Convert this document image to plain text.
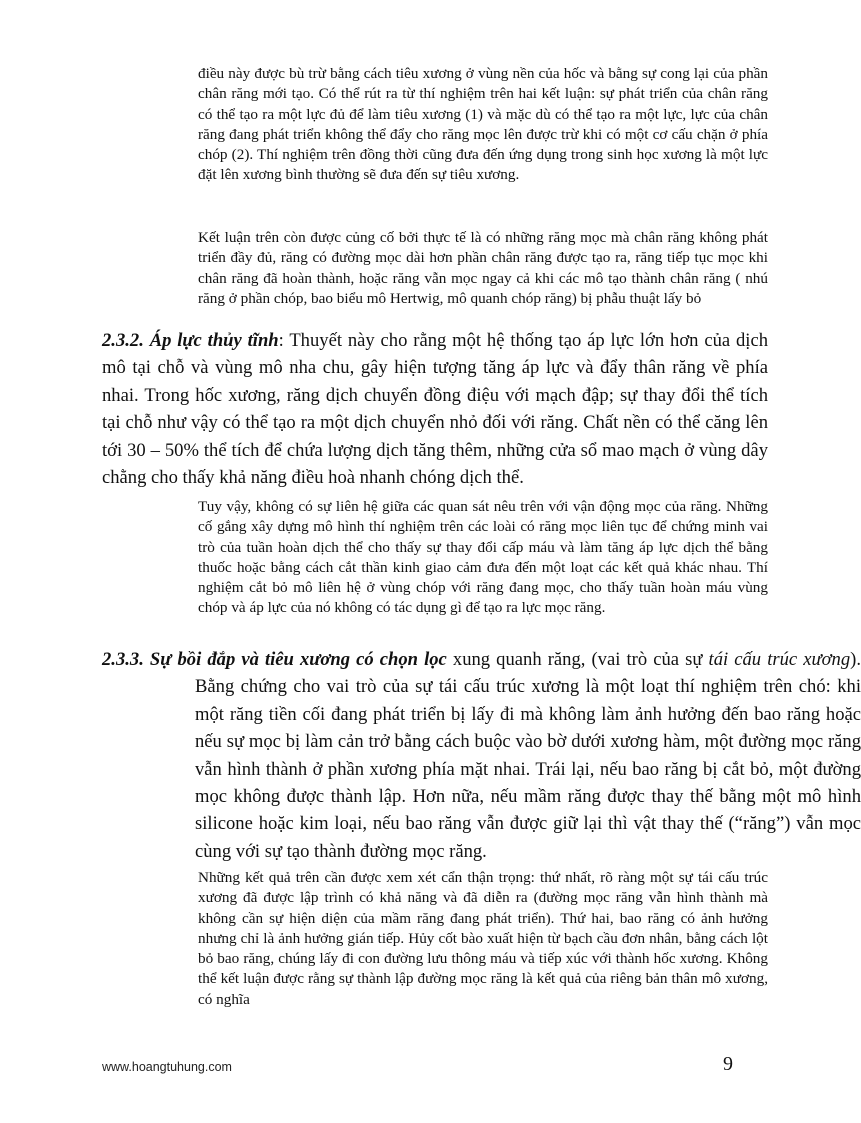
điều này được bù trừ bằng cách tiêu xương ở vùng nền của hốc và bằng sự cong lại của phần chân răng mới tạo. Có thể rút ra từ thí nghiệm trên hai kết luận: sự phát triển của chân răng có thể tạo ra một lực đủ để làm tiêu xương (1) và mặc dù có thể tạo ra một lực, lực của chân răng đang phát triển không thể đẩy cho răng mọc lên được trừ khi có một cơ cấu chặn ở phía chóp (2). Thí nghiệm trên đồng thời cũng đưa đến ứng dụng trong sinh học xương là một lực đặt lên xương bình thường sẽ đưa đến sự tiêu xương.

Kết luận trên còn được củng cố bởi thực tế là có những răng mọc mà chân răng không phát triển đầy đủ, răng có đường mọc dài hơn phần chân răng được tạo ra, răng tiếp tục mọc khi chân răng đã hoàn thành, hoặc răng vẫn mọc ngay cả khi các mô tạo thành chân răng ( nhú răng ở phần chóp, bao biểu mô Hertwig, mô quanh chóp răng) bị phẫu thuật lấy bỏ

2.3.2. Áp lực thủy tĩnh: Thuyết này cho rằng một hệ thống tạo áp lực lớn hơn của dịch mô tại chỗ và vùng mô nha chu, gây hiện tượng tăng áp lực và đẩy thân răng về phía nhai. Trong hốc xương, răng dịch chuyển đồng điệu với mạch đập; sự thay đổi thể tích tại chỗ như vậy có thể tạo ra một dịch chuyển nhỏ đối với răng. Chất nền có thể căng lên tới 30 – 50% thể tích để chứa lượng dịch tăng thêm, những cửa sổ mao mạch ở vùng dây chằng cho thấy khả năng điều hoà nhanh chóng dịch thể.

Tuy vậy, không có sự liên hệ giữa các quan sát nêu trên với vận động mọc của răng. Những cố gắng xây dựng mô hình thí nghiệm trên các loài có răng mọc liên tục để chứng minh vai trò của tuần hoàn dịch thể cho thấy sự thay đổi cấp máu và làm tăng áp lực dịch thể bằng thuốc hoặc bằng cách cắt thần kinh giao cảm đưa đến một loạt các kết quả khác nhau. Thí nghiệm cắt bỏ mô liên hệ ở vùng chóp với răng đang mọc, cho thấy tuần hoàn máu vùng chóp và áp lực của nó không có tác dụng gì để tạo ra lực mọc răng.

2.3.3. Sự bồi đắp và tiêu xương có chọn lọc xung quanh răng, (vai trò của sự tái cấu trúc xương). Bằng chứng cho vai trò của sự tái cấu trúc xương là một loạt thí nghiệm trên chó: khi một răng tiền cối đang phát triển bị lấy đi mà không làm ảnh hưởng đến bao răng hoặc nếu sự mọc bị làm cản trở bằng cách buộc vào bờ dưới xương hàm, một đường mọc răng vẫn hình thành ở phần xương phía mặt nhai. Trái lại, nếu bao răng bị cắt bỏ, một đường mọc không được thành lập. Hơn nữa, nếu mầm răng được thay thế bằng một mô hình silicone hoặc kim loại, nếu bao răng vẫn được giữ lại thì vật thay thế (“răng”) vẫn mọc cùng với sự tạo thành đường mọc răng.

Những kết quả trên cần được xem xét cẩn thận trọng: thứ nhất, rõ ràng một sự tái cấu trúc xương đã được lập trình có khả năng và đã diễn ra (đường mọc răng vẫn hình thành mà không cần sự hiện diện của mầm răng đang phát triển). Thứ hai, bao răng có ảnh hưởng nhưng chỉ là ảnh hưởng gián tiếp. Hủy cốt bào xuất hiện từ bạch cầu đơn nhân, bằng cách lột bỏ bao răng, chúng lấy đi con đường lưu thông máu và tiếp xúc với thành hốc xương. Không thể kết luận được rằng sự thành lập đường mọc răng là kết quả của riêng bản thân mô xương, có nghĩa

www.hoangtuhung.com	9
